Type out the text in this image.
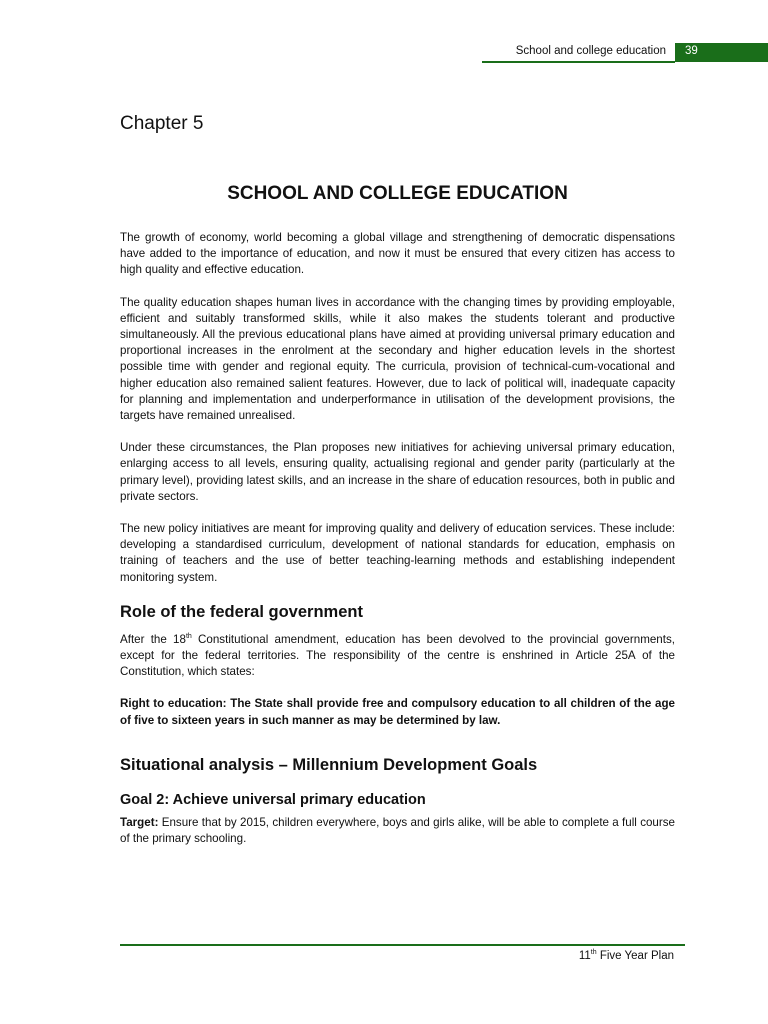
School and college education	39
Chapter 5
SCHOOL AND COLLEGE EDUCATION

The growth of economy, world becoming a global village and strengthening of democratic dispensations have added to the importance of education, and now it must be ensured that every citizen has access to high quality and effective education.

The quality education shapes human lives in accordance with the changing times by providing employable, efficient and suitably transformed skills, while it also makes the students tolerant and productive simultaneously. All the previous educational plans have aimed at providing universal primary education and proportional increases in the enrolment at the secondary and higher education levels in the shortest possible time with gender and regional equity. The curricula, provision of technical-cum-vocational and higher education also remained salient features. However, due to lack of political will, inadequate capacity for planning and implementation and underperformance in utilisation of the development provisions, the targets have remained unrealised.

Under these circumstances, the Plan proposes new initiatives for achieving universal primary education, enlarging access to all levels, ensuring quality, actualising regional and gender parity (particularly at the primary level), providing latest skills, and an increase in the share of education resources, both in public and private sectors.

The new policy initiatives are meant for improving quality and delivery of education services. These include: developing a standardised curriculum, development of national standards for education, emphasis on training of teachers and the use of better teaching-learning methods and establishing independent monitoring system.

Role of the federal government

After the 18th Constitutional amendment, education has been devolved to the provincial governments, except for the federal territories. The responsibility of the centre is enshrined in Article 25A of the Constitution, which states:

Right to education: The State shall provide free and compulsory education to all children of the age of five to sixteen years in such manner as may be determined by law.

Situational analysis – Millennium Development Goals
Goal 2: Achieve universal primary education

Target: Ensure that by 2015, children everywhere, boys and girls alike, will be able to complete a full course of the primary schooling.

11th Five Year Plan
